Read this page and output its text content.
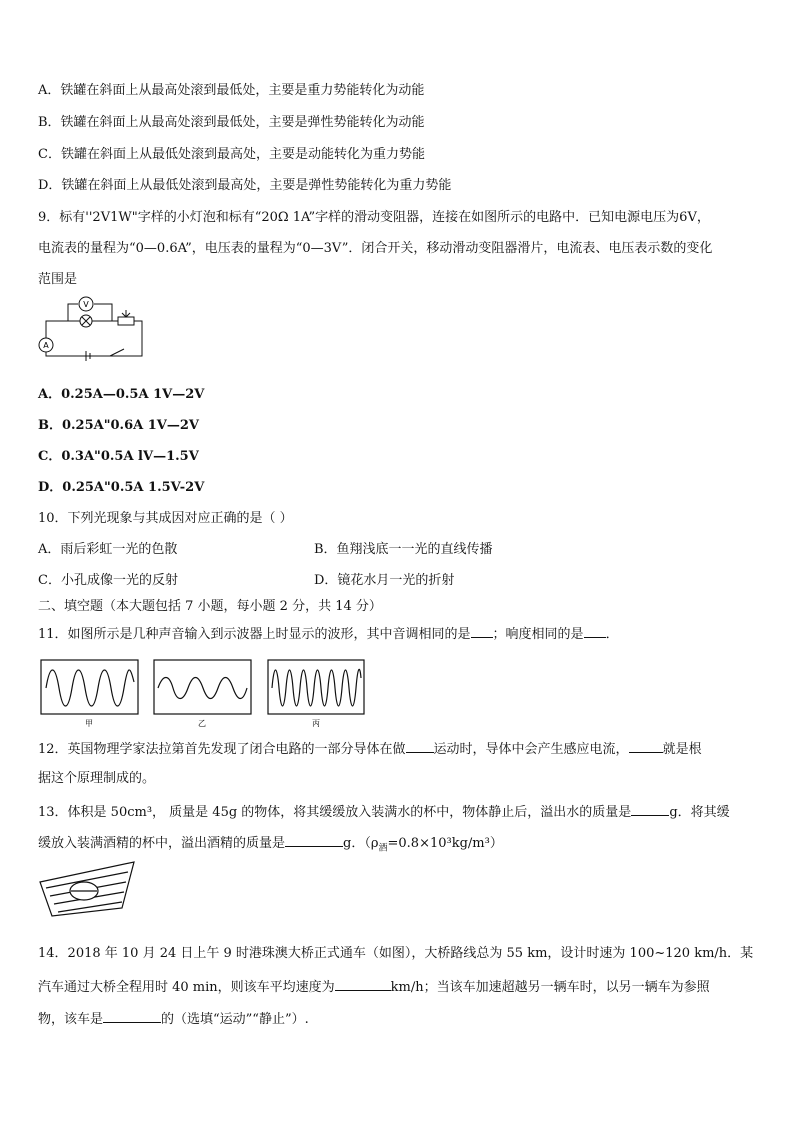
A．铁罐在斜面上从最高处滚到最低处，主要是重力势能转化为动能
B．铁罐在斜面上从最高处滚到最低处，主要是弹性势能转化为动能
C．铁罐在斜面上从最低处滚到最高处，主要是动能转化为重力势能
D．铁罐在斜面上从最低处滚到最高处，主要是弹性势能转化为重力势能
9．标有''2V1W"字样的小灯泡和标有“20Ω 1A”字样的滑动变阻器，连接在如图所示的电路中．已知电源电压为6V，
电流表的量程为“0—0.6A”，电压表的量程为“0—3V”．闭合开关，移动滑动变阻器滑片，电流表、电压表示数的变化
范围是
V
A
A．0.25A—0.5A 1V—2V
B．0.25A"0.6A 1V—2V
C．0.3A"0.5A lV—1.5V
D．0.25A"0.5A 1.5V-2V
10．下列光现象与其成因对应正确的是（ ）
A．雨后彩虹一光的色散	B．鱼翔浅底一一光的直线传播
C．小孔成像一光的反射	D．镜花水月一光的折射
二、填空题（本大题包括 7 小题，每小题 2 分，共 14 分）
11．如图所示是几种声音输入到示波器上时显示的波形，其中音调相同的是 ；响度相同的是 ．
甲	乙	丙
12．英国物理学家法拉第首先发现了闭合电路的一部分导体在做 运动时，导体中会产生感应电流，	就是根
据这个原理制成的。
13．体积是 50cm³， 质量是 45g 的物体，将其缓缓放入装满水的杯中，物体静止后，溢出水的质量是	g．将其缓
缓放入装满酒精的杯中，溢出酒精的质量是	g．$(\rho_酒=0.8\times 10^3kg/m^3)$
14．2018 年 10 月 24 日上午 9 时港珠澳大桥正式通车（如图），大桥路线总为 55 km，设计时速为 100~120 km/h．某
汽车通过大桥全程用时 40 min，则该车平均速度为	km/h；当该车加速超越另一辆车时，以另一辆车为参照
物，该车是	的（选填“运动”“静止”）.
